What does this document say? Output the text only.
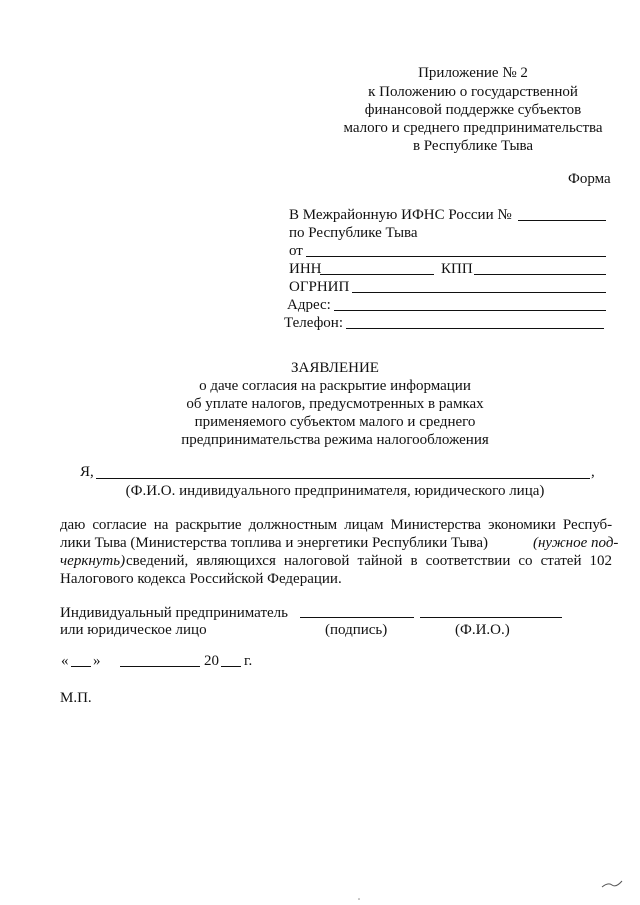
Приложение № 2
к Положению о государственной
финансовой поддержке субъектов
малого и среднего предпринимательства
в Республике Тыва
Форма
В Межрайонную ИФНС России №
по Республике Тыва
от
ИНН	КПП
ОГРНИП
Адрес:
Телефон:
ЗАЯВЛЕНИЕ
о даче согласия на раскрытие информации
об уплате налогов, предусмотренных в рамках
применяемого субъектом малого и среднего
предпринимательства режима налогообложения
Я,	,
(Ф.И.О. индивидуального предпринимателя, юридического лица)
даю согласие на раскрытие должностным лицам Министерства экономики Респуб-
лики Тыва (Министерства топлива и энергетики Республики Тыва)	(нужное под-
черкнуть) сведений, являющихся налоговой тайной в соответствии со статей 102
Налогового кодекса Российской Федерации.
Индивидуальный предприниматель
или юридическое лицо	(подпись)	(Ф.И.О.)
« »	20 г.
М.П.
